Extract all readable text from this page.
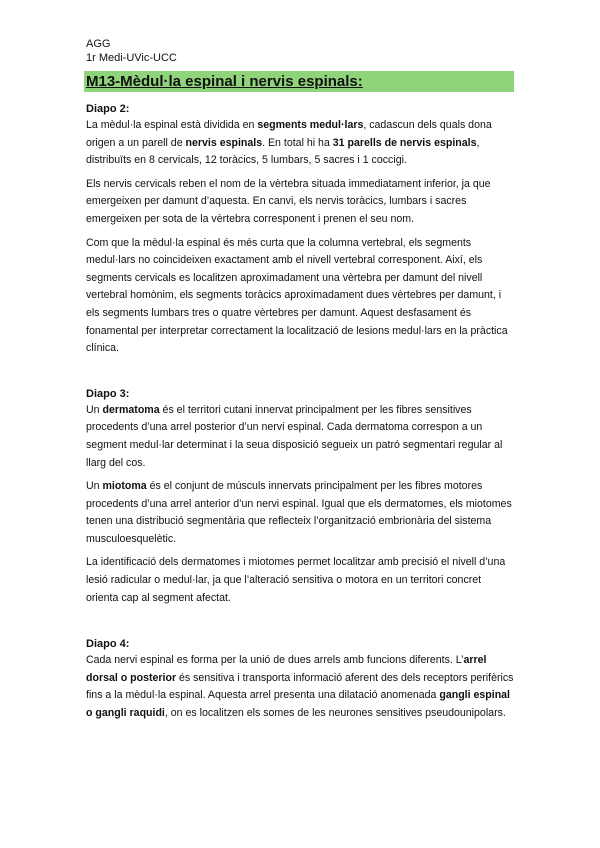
AGG
1r Medi-UVic-UCC
M13-Mèdul·la espinal i nervis espinals:
Diapo 2:

La mèdul·la espinal està dividida en segments medul·lars, cadascun dels quals dona origen a un parell de nervis espinals. En total hi ha 31 parells de nervis espinals, distribuïts en 8 cervicals, 12 toràcics, 5 lumbars, 5 sacres i 1 coccigi.

Els nervis cervicals reben el nom de la vèrtebra situada immediatament inferior, ja que emergeixen per damunt d’aquesta. En canvi, els nervis toràcics, lumbars i sacres emergeixen per sota de la vèrtebra corresponent i prenen el seu nom.

Com que la mèdul·la espinal és més curta que la columna vertebral, els segments medul·lars no coincideixen exactament amb el nivell vertebral corresponent. Així, els segments cervicals es localitzen aproximadament una vèrtebra per damunt del nivell vertebral homònim, els segments toràcics aproximadament dues vèrtebres per damunt, i els segments lumbars tres o quatre vèrtebres per damunt. Aquest desfasament és fonamental per interpretar correctament la localització de lesions medul·lars en la pràctica clínica.

Diapo 3:

Un dermatoma és el territori cutani innervat principalment per les fibres sensitives procedents d’una arrel posterior d’un nervi espinal. Cada dermatoma correspon a un segment medul·lar determinat i la seua disposició segueix un patró segmentari regular al llarg del cos.

Un miotoma és el conjunt de músculs innervats principalment per les fibres motores procedents d’una arrel anterior d’un nervi espinal. Igual que els dermatomes, els miotomes tenen una distribució segmentària que reflecteix l’organització embrionària del sistema musculoesquelètic.

La identificació dels dermatomes i miotomes permet localitzar amb precisió el nivell d’una lesió radicular o medul·lar, ja que l’alteració sensitiva o motora en un territori concret orienta cap al segment afectat.

Diapo 4:

Cada nervi espinal es forma per la unió de dues arrels amb funcions diferents. L’arrel dorsal o posterior és sensitiva i transporta informació aferent des dels receptors perifèrics fins a la mèdul·la espinal. Aquesta arrel presenta una dilatació anomenada gangli espinal o gangli raquidi, on es localitzen els somes de les neurones sensitives pseudounipolars.
